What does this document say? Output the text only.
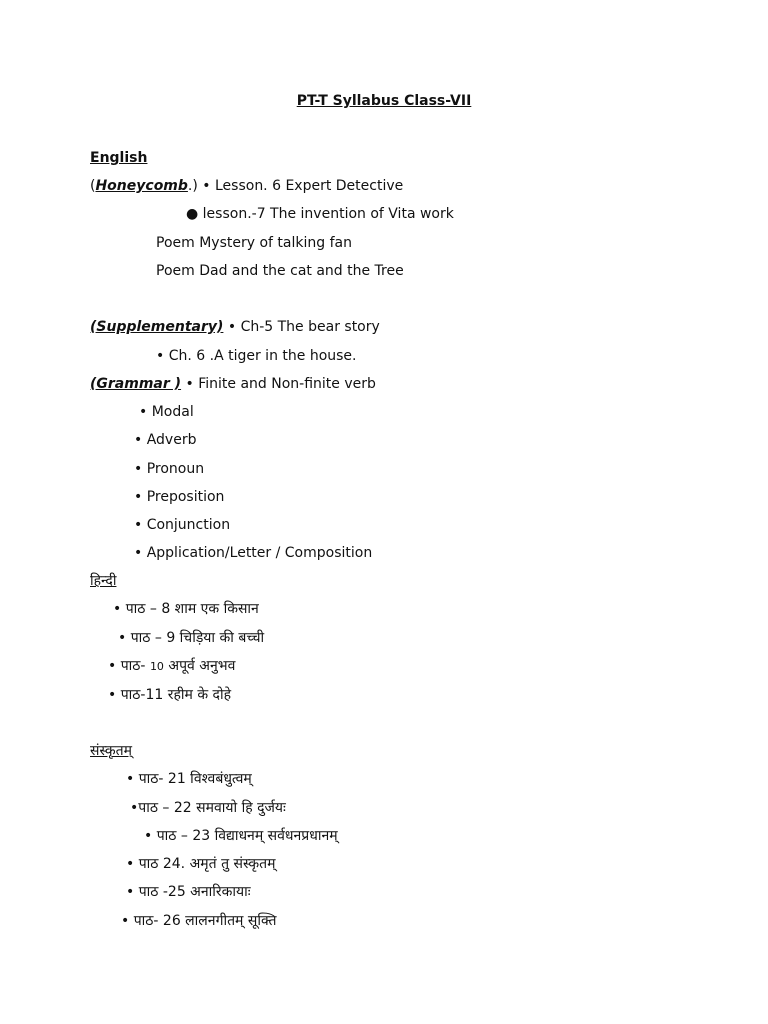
PT-T Syllabus Class-VII
English
(Honeycomb.) • Lesson. 6 Expert Detective
● lesson.-7 The invention of Vita work
Poem Mystery of talking fan
Poem Dad and the cat and the Tree
(Supplementary) • Ch-5 The bear story
• Ch. 6 .A tiger in the house.
(Grammar ) • Finite and Non-finite verb
• Modal
• Adverb
• Pronoun
• Preposition
• Conjunction
• Application/Letter / Composition
हिन्दी
• पाठ – 8 शाम एक किसान
• पाठ – 9 चिड़िया की बच्ची
• पाठ- 10 अपूर्व अनुभव
• पाठ-11 रहीम के दोहे
संस्कृतम्
• पाठ- 21 विश्वबंधुत्वम्
•पाठ – 22 समवायो हि दुर्जयः
• पाठ – 23 विद्याधनम् सर्वधनप्रधानम्
• पाठ 24. अमृतं तु संस्कृतम्
• पाठ -25 अनारिकायाः
• पाठ- 26 लालनगीतम् सूक्ति
